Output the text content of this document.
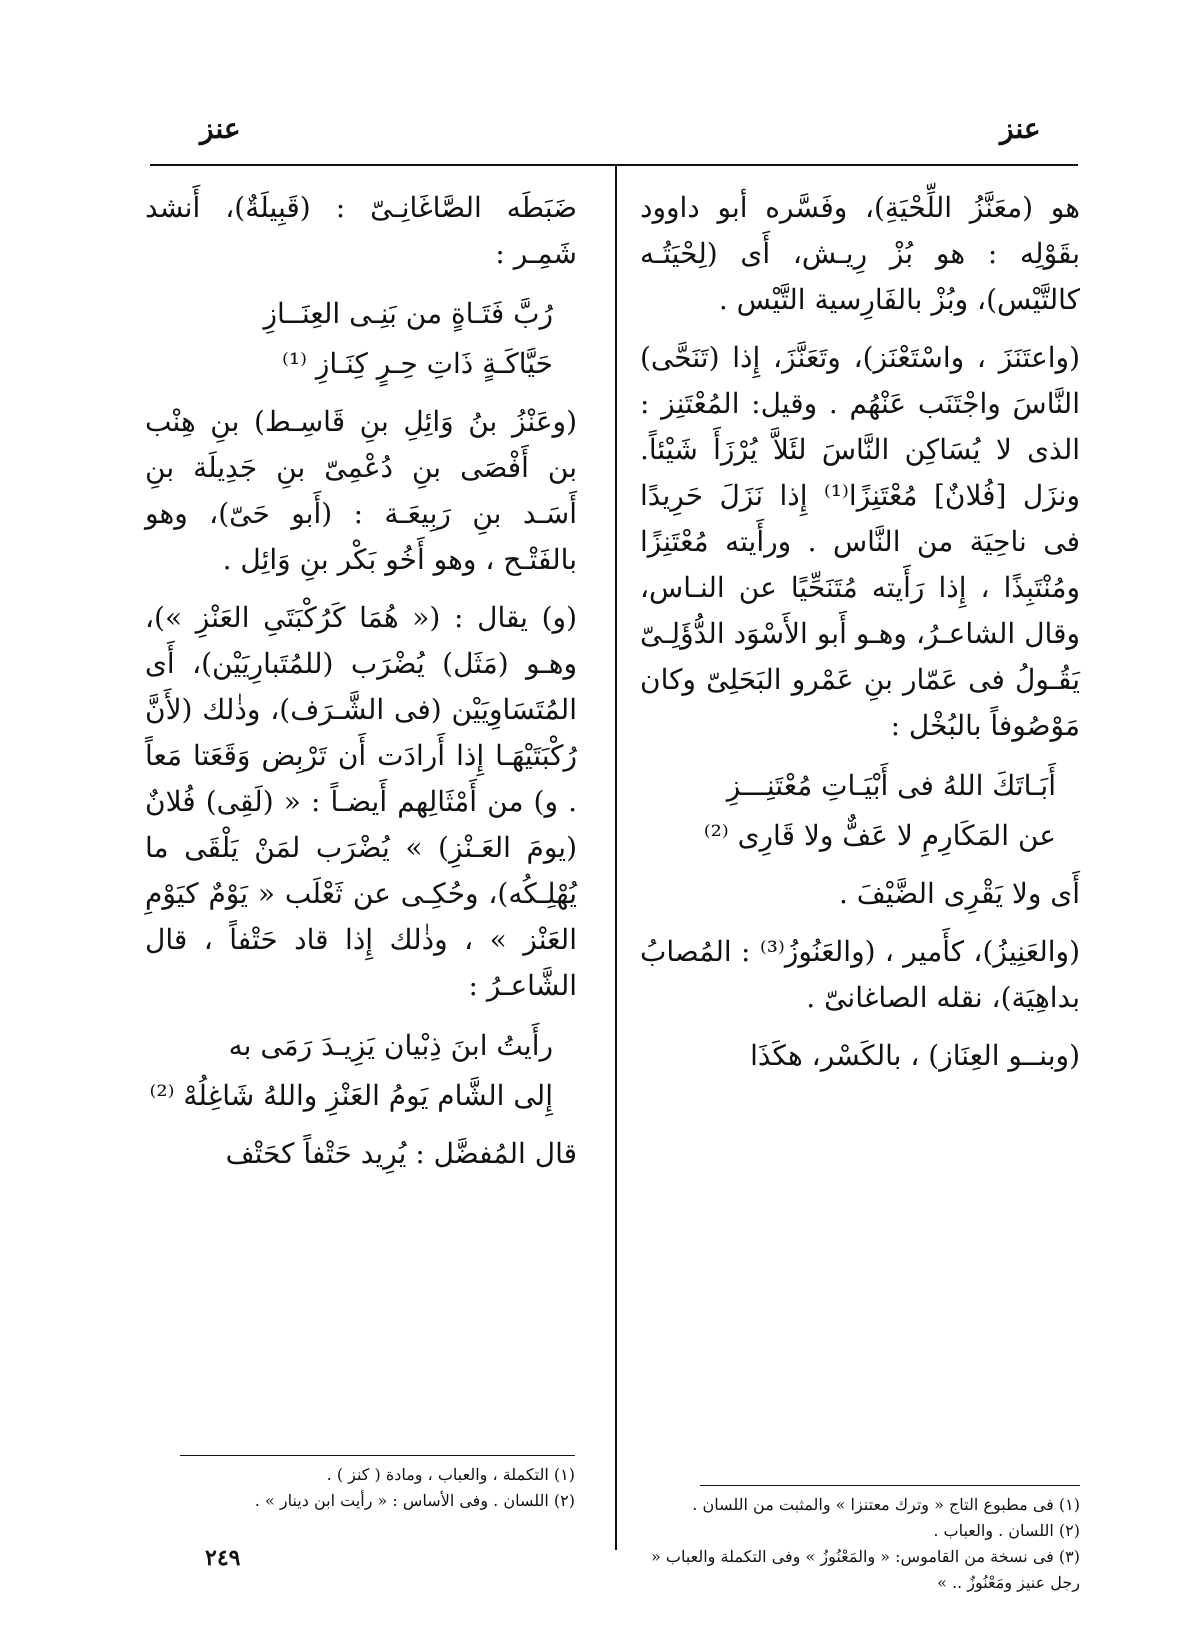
عنز
عنز

هو (معَنَّزُ اللِّحْيَةِ)، وفَسَّره أبو داوود بقَوْلِه : هو بُزْ رِيـش، أَى (لِحْيَتُـه كالتَّيْس)، وبُزْ بالفَارِسية التَّيْس .

(واعتَنَزَ ، واسْتَعْنَز)، وتَعَنَّزَ، إِذا (تَنَحَّى) النَّاسَ واجْتَنَب عَنْهُم . وقيل: المُعْتَنِز : الذى لا يُسَاكِن النَّاسَ لئَلاَّ يُرْزَأَ شَيْئاً. ونزَل [فُلانٌ] مُعْتَنِزًا⁽¹⁾ إِذا نَزَلَ حَرِيدًا فى ناحِيَة من النَّاس . ورأَيته مُعْتَنِزًا ومُنْتَبِذًا ، إِذا رَأَيته مُتَنَحِّيًا عن النـاس، وقال الشاعـرُ، وهـو أَبو الأَسْوَد الدُّؤَلِـىّ يَقُـولُ فى عَمّار بنِ عَمْرو البَحَلِىّ وكان مَوْصُوفاً بالبُخْل :

أَبَـاتَكَ اللهُ فى أَبْيَـاتِ مُعْتَنِـــزِ
عن المَكَارِمِ لا عَفٌّ ولا قَارِى ⁽²⁾

أَى ولا يَقْرِى الضَّيْفَ .

(والعَنِيزُ)، كأَمير ، (والعَنُوزُ⁽³⁾ : المُصابُ بداهِيَة)، نقله الصاغانىّ .

(وبنــو العِنَاز) ، بالكَسْر، هكَذَا

ضَبَطَه الصَّاغَانِـىّ : (قَبِيلَةٌ)، أَنشد شَمِـر :

رُبَّ فَتَـاةٍ من بَنِـى العِنَــازِ
حَيَّاكَـةٍ ذَاتِ حِـرٍ كِنَـازِ ⁽¹⁾

(وعَنْزُ بنُ وَائِلِ بنِ قَاسِـط) بنِ هِنْب بن أَفْصَى بنِ دُعْمِىّ بنِ جَدِيلَة بنِ أَسَـد بنِ رَبِيعَـة : (أَبو حَىّ)، وهو بالفَتْـح ، وهو أَخُو بَكْر بنِ وَائِل .

(و) يقال : (« هُمَا كَرُكْبَتَىِ العَنْزِ »)، وهـو (مَثَل) يُضْرَب (للمُتَبارِيَيْن)، أَى المُتَسَاوِيَيْن (فى الشَّـرَف)، وذٰلك (لأَنَّ رُكْبَتَيْهَـا إِذا أَرادَت أَن تَرْبِض وَقَعَتا مَعاً . و) من أَمْثَالِهم أَيضـاً : « (لَقِى) فُلانٌ (يومَ العَـنْزِ) » يُضْرَب لمَنْ يَلْقَى ما يُهْلِـكُه)، وحُكِـى عن ثَعْلَب « يَوْمٌ كيَوْمِ العَنْز » ، وذٰلك إِذا قاد حَتْفاً ، قال الشَّاعـرُ :

رأَيتُ ابنَ ذِبْيان يَزِيـدَ رَمَى به
إِلى الشَّام يَومُ العَنْزِ واللهُ شَاغِلُهْ ⁽²⁾

قال المُفضَّل : يُرِيد حَتْفاً كحَتْف

(١) فى مطبوع التاج « وترك معتنزا » والمثبت من اللسان .
(٢) اللسان . والعباب .
(٣) فى نسخة من القاموس: « والمَعْنُوزُ » وفى التكملة والعباب « رجل عنيز ومَعْنُوزٌ .. »
(١) التكملة ، والعباب ، ومادة ( كنز ) .
(٢) اللسان . وفى الأساس : « رأيت ابن دينار » .
٢٤٩
